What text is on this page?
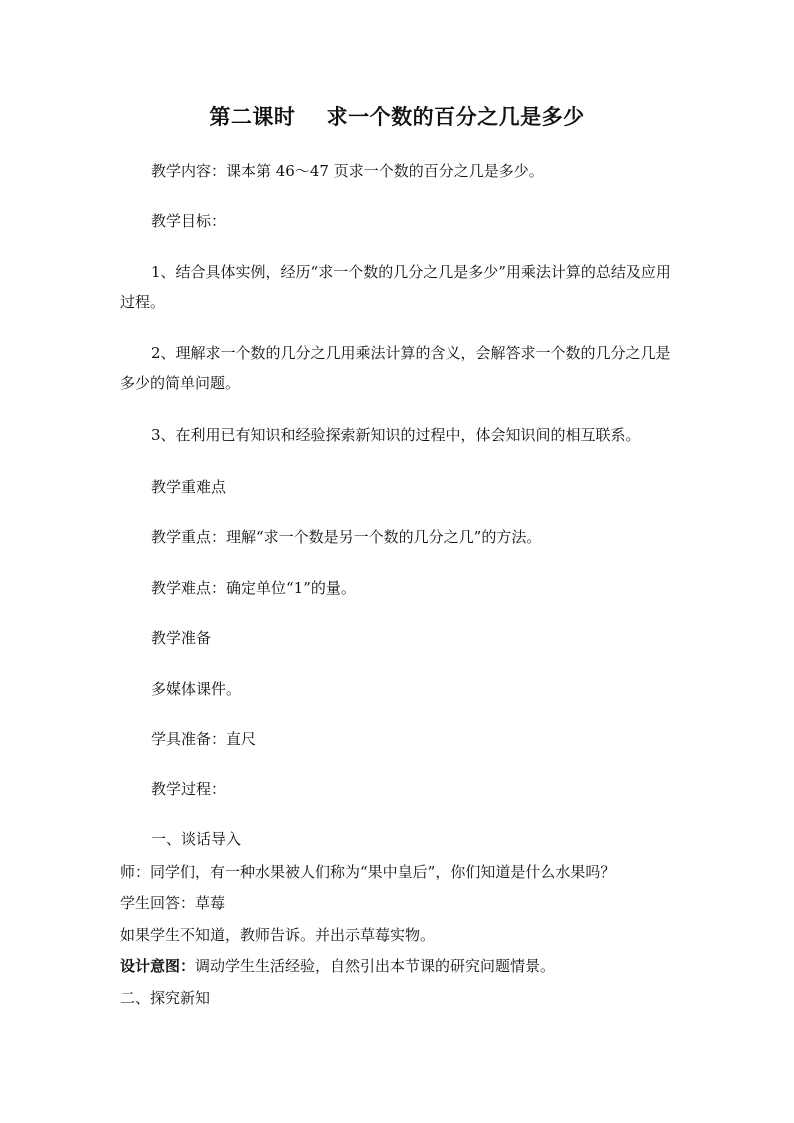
第二课时    求一个数的百分之几是多少

教学内容：课本第 46～47 页求一个数的百分之几是多少。

教学目标：

1、结合具体实例，经历“求一个数的几分之几是多少”用乘法计算的总结及应用过程。

2、理解求一个数的几分之几用乘法计算的含义，会解答求一个数的几分之几是多少的简单问题。

3、在利用已有知识和经验探索新知识的过程中，体会知识间的相互联系。

教学重难点

教学重点：理解“求一个数是另一个数的几分之几”的方法。

教学难点：确定单位“1”的量。

教学准备

多媒体课件。

学具准备：直尺

教学过程：

一、谈话导入

师：同学们，有一种水果被人们称为“果中皇后”，你们知道是什么水果吗？

学生回答：草莓

如果学生不知道，教师告诉。并出示草莓实物。

设计意图：调动学生生活经验，自然引出本节课的研究问题情景。

二、探究新知
